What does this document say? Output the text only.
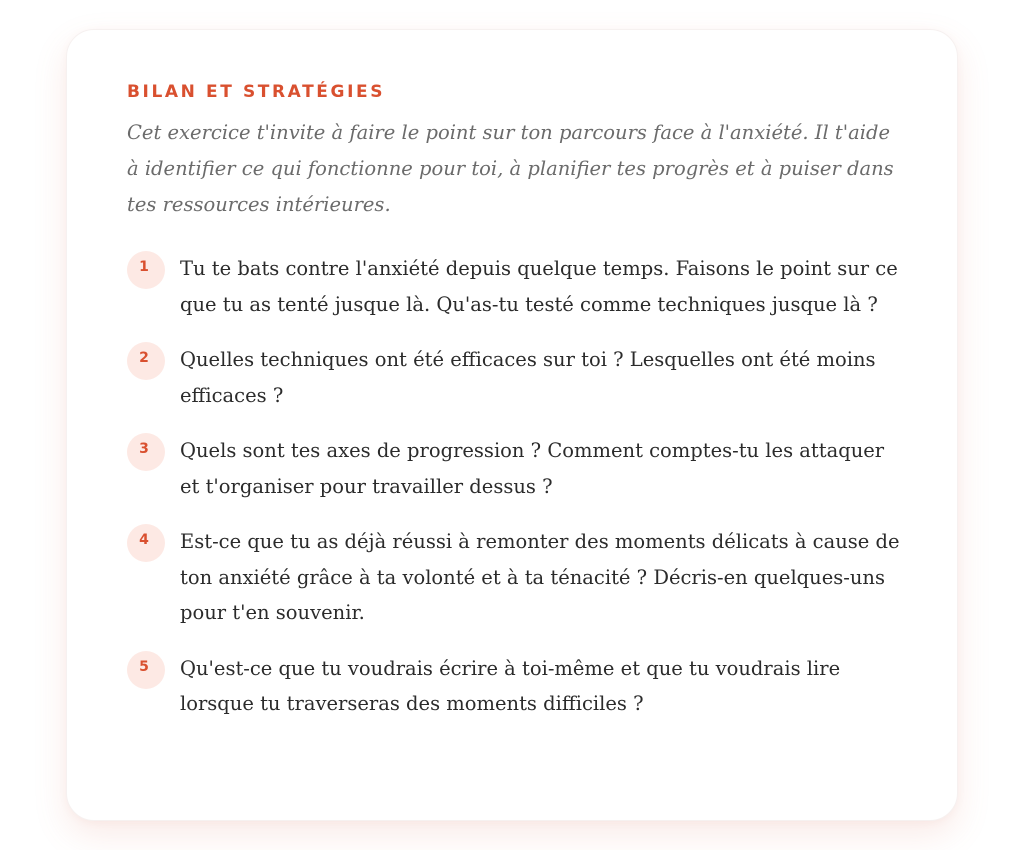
BILAN ET STRATÉGIES

Cet exercice t'invite à faire le point sur ton parcours face à l'anxiété. Il t'aide à identifier ce qui fonctionne pour toi, à planifier tes progrès et à puiser dans tes ressources intérieures.

1	Tu te bats contre l'anxiété depuis quelque temps. Faisons le point sur ce que tu as tenté jusque là. Qu'as-tu testé comme techniques jusque là ?

2	Quelles techniques ont été efficaces sur toi ? Lesquelles ont été moins efficaces ?

3	Quels sont tes axes de progression ? Comment comptes-tu les attaquer et t'organiser pour travailler dessus ?

4	Est-ce que tu as déjà réussi à remonter des moments délicats à cause de ton anxiété grâce à ta volonté et à ta ténacité ? Décris-en quelques-uns pour t'en souvenir.

5	Qu'est-ce que tu voudrais écrire à toi-même et que tu voudrais lire lorsque tu traverseras des moments difficiles ?
